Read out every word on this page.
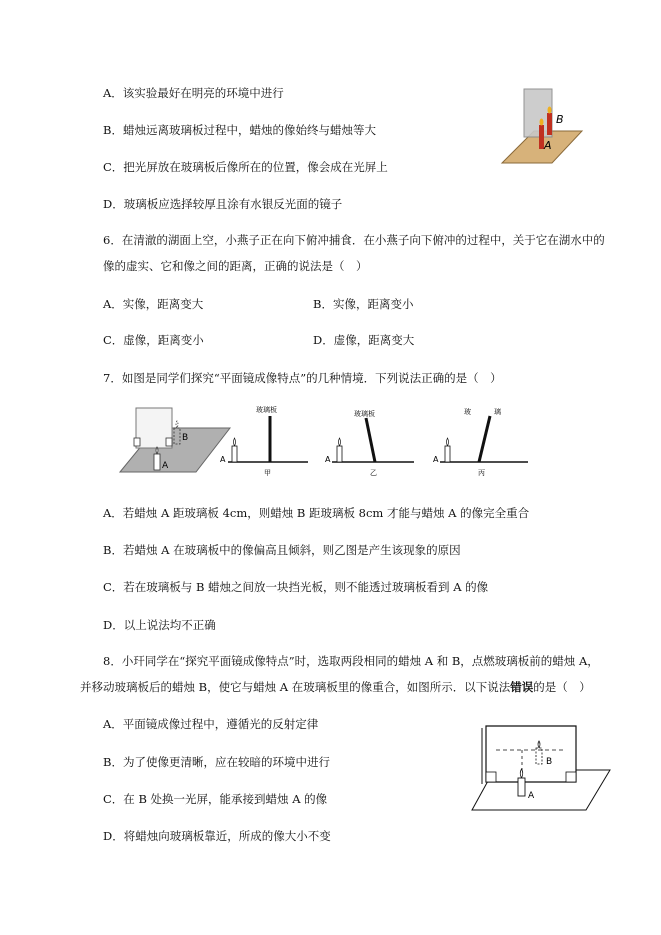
A．该实验最好在明亮的环境中进行
B．蜡烛远离玻璃板过程中，蜡烛的像始终与蜡烛等大
C．把光屏放在玻璃板后像所在的位置，像会成在光屏上
D．玻璃板应选择较厚且涂有水银反光面的镜子
B
A
6．在清澈的湖面上空，小燕子正在向下俯冲捕食．在小燕子向下俯冲的过程中，关于它在湖水中的
像的虚实、它和像之间的距离，正确的说法是（　）
A．实像，距离变大	B．实像，距离变小
C．虚像，距离变小	D．虚像，距离变大
7．如图是同学们探究“平面镜成像特点”的几种情境．下列说法正确的是（　）
B
A
A
玻璃板
甲
A
玻璃板
乙
A
玻	璃
丙
A．若蜡烛 A 距玻璃板 4cm，则蜡烛 B 距玻璃板 8cm 才能与蜡烛 A 的像完全重合
B．若蜡烛 A 在玻璃板中的像偏高且倾斜，则乙图是产生该现象的原因
C．若在玻璃板与 B 蜡烛之间放一块挡光板，则不能透过玻璃板看到 A 的像
D．以上说法均不正确
8．小玕同学在“探究平面镜成像特点”时，选取两段相同的蜡烛 A 和 B，点燃玻璃板前的蜡烛 A，
并移动玻璃板后的蜡烛 B，使它与蜡烛 A 在玻璃板里的像重合，如图所示．以下说法错误的是（　）
A．平面镜成像过程中，遵循光的反射定律
B．为了使像更清晰，应在较暗的环境中进行
C．在 B 处换一光屏，能承接到蜡烛 A 的像
D．将蜡烛向玻璃板靠近，所成的像大小不变
B
A
